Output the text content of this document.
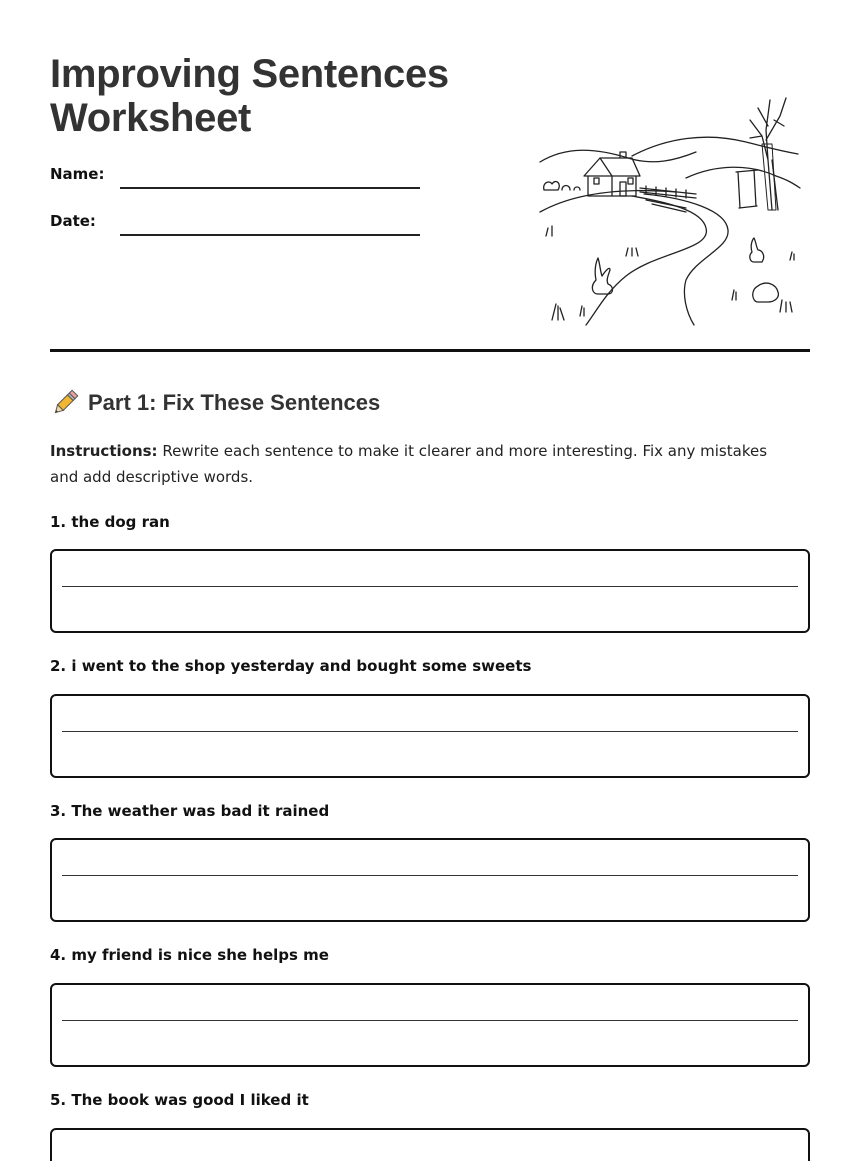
Improving Sentences
Worksheet
Name:
Date:
Part 1: Fix These Sentences
Instructions: Rewrite each sentence to make it clearer and more interesting. Fix any mistakes and add descriptive words.
1. the dog ran
2. i went to the shop yesterday and bought some sweets
3. The weather was bad it rained
4. my friend is nice she helps me
5. The book was good I liked it
